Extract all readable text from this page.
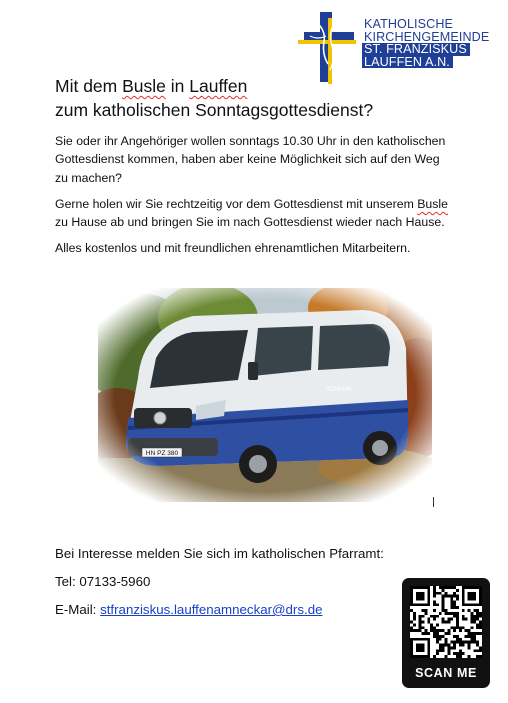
KATHOLISCHE
KIRCHENGEMEINDE
ST. FRANZISKUS
LAUFFEN A.N.
Mit dem Busle in Lauffen
zum katholischen Sonntagsgottesdienst?
Sie oder ihr Angehöriger wollen sonntags 10.30 Uhr in den katholischen
Gottesdienst kommen, haben aber keine Möglichkeit sich auf den Weg
zu machen?
Gerne holen wir Sie rechtzeitig vor dem Gottesdienst mit unserem Busle
zu Hause ab und bringen Sie im nach Gottesdienst wieder nach Hause.
Alles kostenlos und mit freundlichen ehrenamtlichen Mitarbeitern.
Bei Interesse melden Sie sich im katholischen Pfarramt:
Tel: 07133-5960
E-Mail: stfranziskus.lauffenamneckar@drs.de
SCAN ME
